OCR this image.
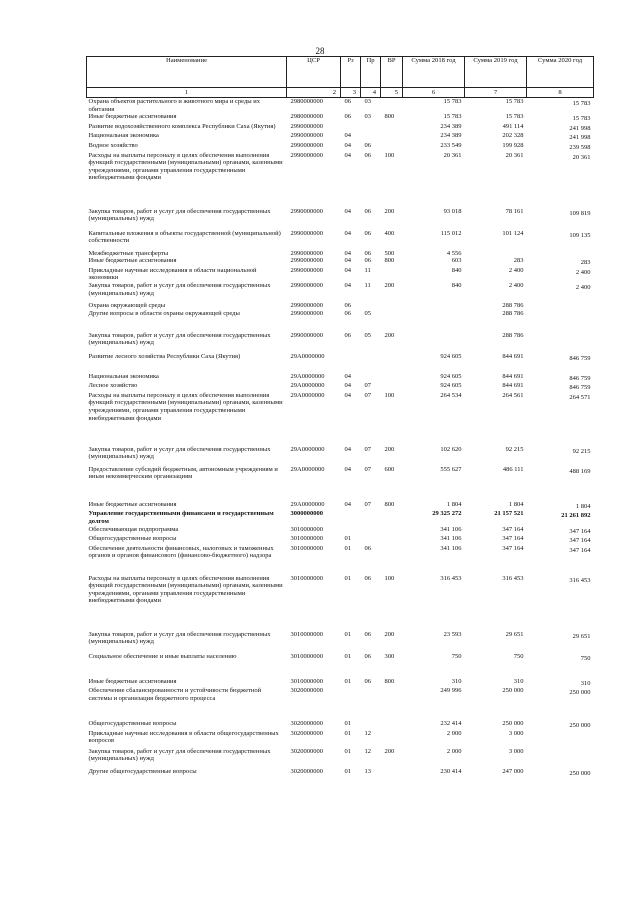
28
Наименование	ЦСР	Рз	Пр	ВР	Сумма 2018 год	Сумма 2019 год	Сумма 2020 год
1	2	3	4	5	6	7	8
Охрана объектов растительного и животного мира и среды их обитания	2980000000	06	03		15 783	15 783	15 783
Иные бюджетные ассигнования	2980000000	06	03	800	15 783	15 783	15 783
Развитие водохозяйственного комплекса Республики Саха (Якутия)	2990000000				234 389	491 114	241 998
Национальная экономика	2990000000	04			234 389	202 328	241 998
Водное хозяйство	2990000000	04	06		233 549	199 928	239 598
Расходы на выплаты персоналу в целях обеспечения выполнения функций государственными (муниципальными) органами, казенными учреждениями, органами управления государственными внебюджетными фондами	2990000000	04	06	100	20 361	20 361	20 361
Закупка товаров, работ и услуг для обеспечения государственных (муниципальных) нужд	2990000000	04	06	200	93 018	78 161	109 819
Капитальные вложения в объекты государственной (муниципальной) собственности	2990000000	04	06	400	115 012	101 124	109 135
Межбюджетные трансферты	2990000000	04	06	500	4 556		
Иные бюджетные ассигнования	2990000000	04	06	800	603	283	283
Прикладные научные исследования в области национальной экономики	2990000000	04	11		840	2 400	2 400
Закупка товаров, работ и услуг для обеспечения государственных (муниципальных) нужд	2990000000	04	11	200	840	2 400	2 400
Охрана окружающей среды	2990000000	06				288 786	
Другие вопросы в области охраны окружающей среды	2990000000	06	05			288 786	
Закупка товаров, работ и услуг для обеспечения государственных (муниципальных) нужд	2990000000	06	05	200		288 786	
Развитие лесного хозяйства Республики Саха (Якутия)	29А0000000				924 605	844 691	846 759
Национальная экономика	29А0000000	04			924 605	844 691	846 759
Лесное хозяйство	29А0000000	04	07		924 605	844 691	846 759
Расходы на выплаты персоналу в целях обеспечения выполнения функций государственными (муниципальными) органами, казенными учреждениями, органами управления государственными внебюджетными фондами	29А0000000	04	07	100	264 534	264 561	264 571
Закупка товаров, работ и услуг для обеспечения государственных (муниципальных) нужд	29А0000000	04	07	200	102 620	92 215	92 215
Предоставление субсидий бюджетным, автономным учреждениям и иным некоммерческим организациям	29А0000000	04	07	600	555 627	486 111	488 169
Иные бюджетные ассигнования	29А0000000	04	07	800	1 804	1 804	1 804
Управление государственными финансами и государственным долгом	3000000000				29 325 272	21 157 521	21 261 892
Обеспечивающая подпрограмма	3010000000				341 106	347 164	347 164
Общегосударственные вопросы	3010000000	01			341 106	347 164	347 164
Обеспечение деятельности финансовых, налоговых и таможенных органов и органов финансового (финансово-бюджетного) надзора	3010000000	01	06		341 106	347 164	347 164
Расходы на выплаты персоналу в целях обеспечения выполнения функций государственными (муниципальными) органами, казенными учреждениями, органами управления государственными внебюджетными фондами	3010000000	01	06	100	316 453	316 453	316 453
Закупка товаров, работ и услуг для обеспечения государственных (муниципальных) нужд	3010000000	01	06	200	23 593	29 651	29 651
Социальное обеспечение и иные выплаты населению	3010000000	01	06	300	750	750	750
Иные бюджетные ассигнования	3010000000	01	06	800	310	310	310
Обеспечение сбалансированности и устойчивости бюджетной системы и организация бюджетного процесса	3020000000				249 996	250 000	250 000
Общегосударственные вопросы	3020000000	01			232 414	250 000	250 000
Прикладные научные исследования в области общегосударственных вопросов	3020000000	01	12		2 000	3 000	
Закупка товаров, работ и услуг для обеспечения государственных (муниципальных) нужд	3020000000	01	12	200	2 000	3 000	
Другие общегосударственные вопросы	3020000000	01	13		230 414	247 000	250 000
